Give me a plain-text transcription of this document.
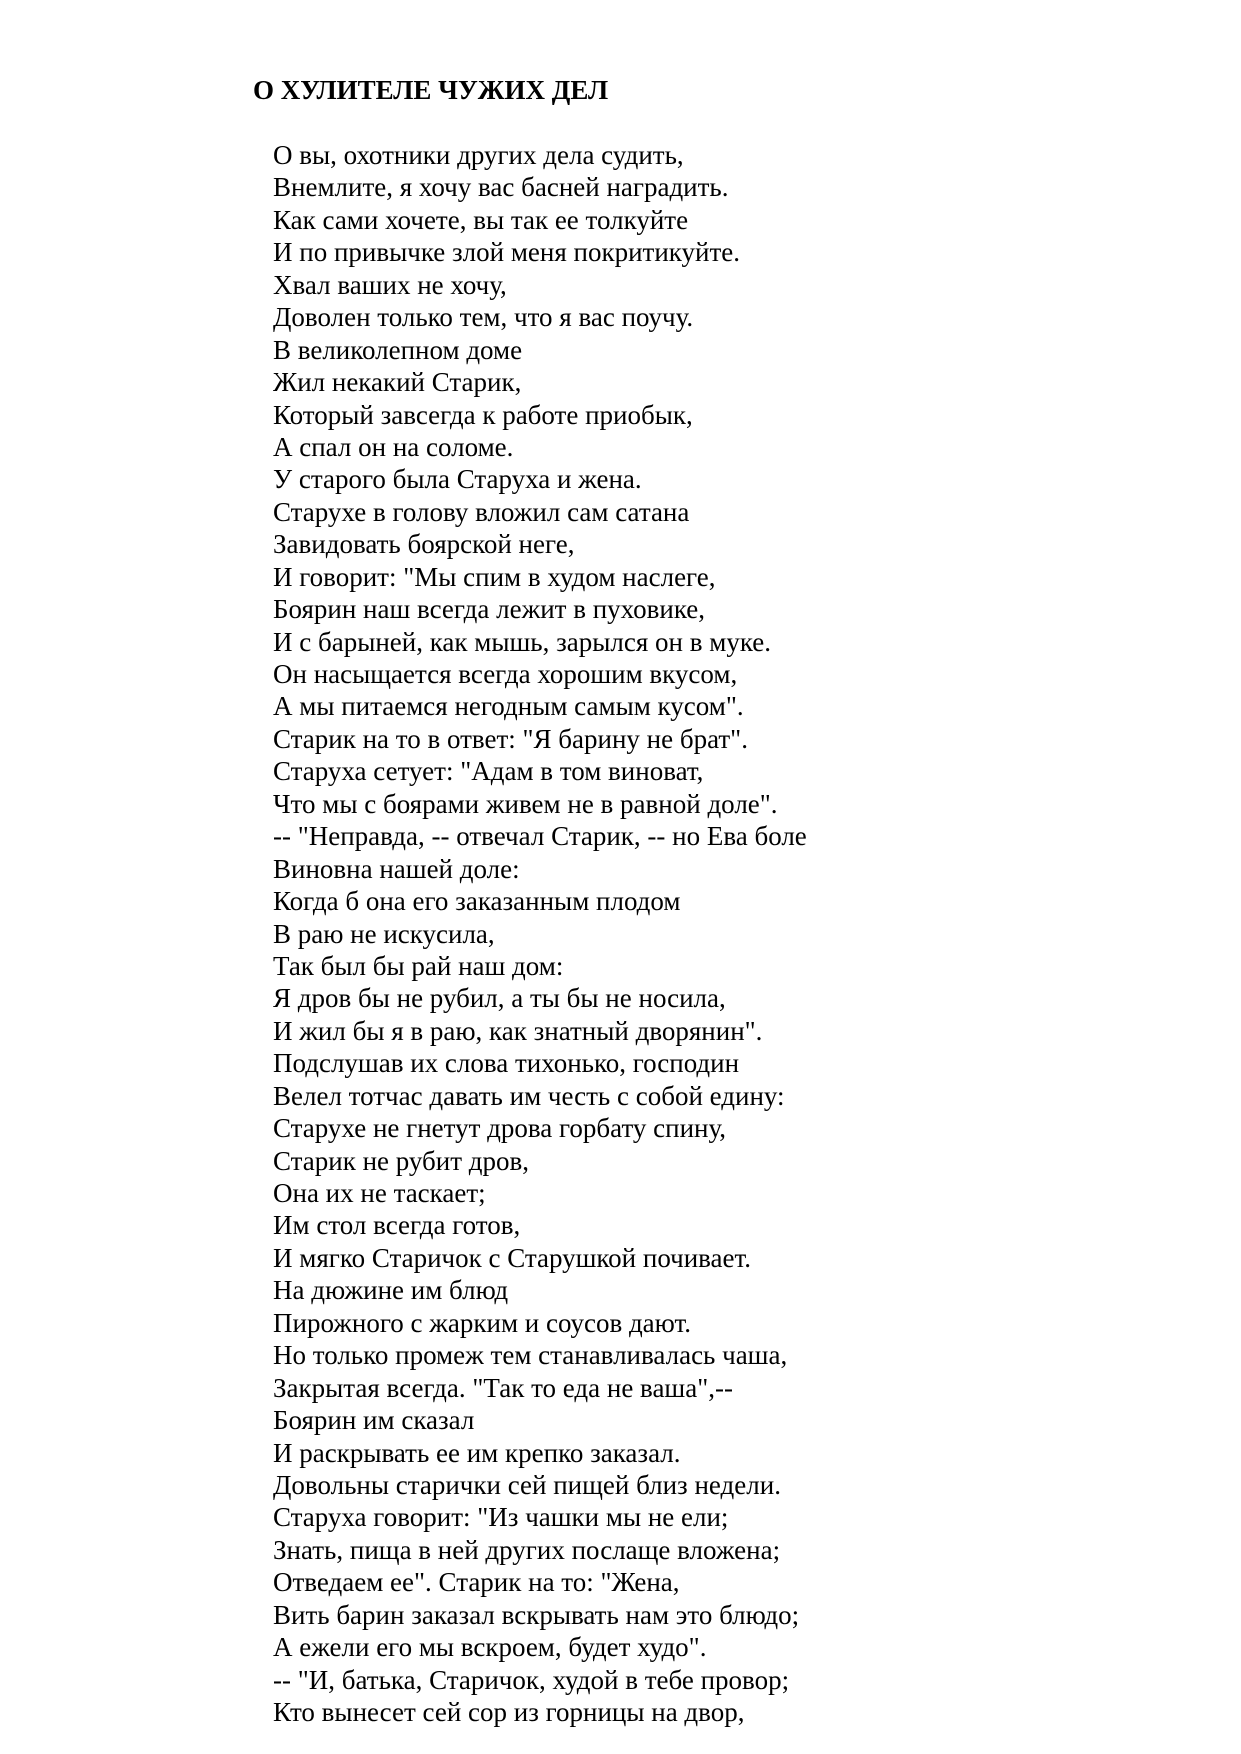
О ХУЛИТЕЛЕ ЧУЖИХ ДЕЛ
О вы, охотники других дела судить,
Внемлите, я хочу вас басней наградить.
Как сами хочете, вы так ее толкуйте
И по привычке злой меня покритикуйте.
Хвал ваших не хочу,
Доволен только тем, что я вас поучу.
В великолепном доме
Жил некакий Старик,
Который завсегда к работе приобык,
А спал он на соломе.
У старого была Старуха и жена.
Старухе в голову вложил сам сатана
Завидовать боярской неге,
И говорит: "Мы спим в худом наслеге,
Боярин наш всегда лежит в пуховике,
И с барыней, как мышь, зарылся он в муке.
Он насыщается всегда хорошим вкусом,
А мы питаемся негодным самым кусом".
Старик на то в ответ: "Я барину не брат".
Старуха сетует: "Адам в том виноват,
Что мы с боярами живем не в равной доле".
-- "Неправда, -- отвечал Старик, -- но Ева боле
Виновна нашей доле:
Когда б она его заказанным плодом
В раю не искусила,
Так был бы рай наш дом:
Я дров бы не рубил, а ты бы не носила,
И жил бы я в раю, как знатный дворянин".
Подслушав их слова тихонько, господин
Велел тотчас давать им честь с собой едину:
Старухе не гнетут дрова горбату спину,
Старик не рубит дров,
Она их не таскает;
Им стол всегда готов,
И мягко Старичок с Старушкой почивает.
На дюжине им блюд
Пирожного с жарким и соусов дают.
Но только промеж тем станавливалась чаша,
Закрытая всегда. "Так то еда не ваша",--
Боярин им сказал
И раскрывать ее им крепко заказал.
Довольны старички сей пищей близ недели.
Старуха говорит: "Из чашки мы не ели;
Знать, пища в ней других послаще вложена;
Отведаем ее". Старик на то: "Жена,
Вить барин заказал вскрывать нам это блюдо;
А ежели его мы вскроем, будет худо".
-- "И, батька, Старичок, худой в тебе провор;
Кто вынесет сей сор из горницы на двор,
